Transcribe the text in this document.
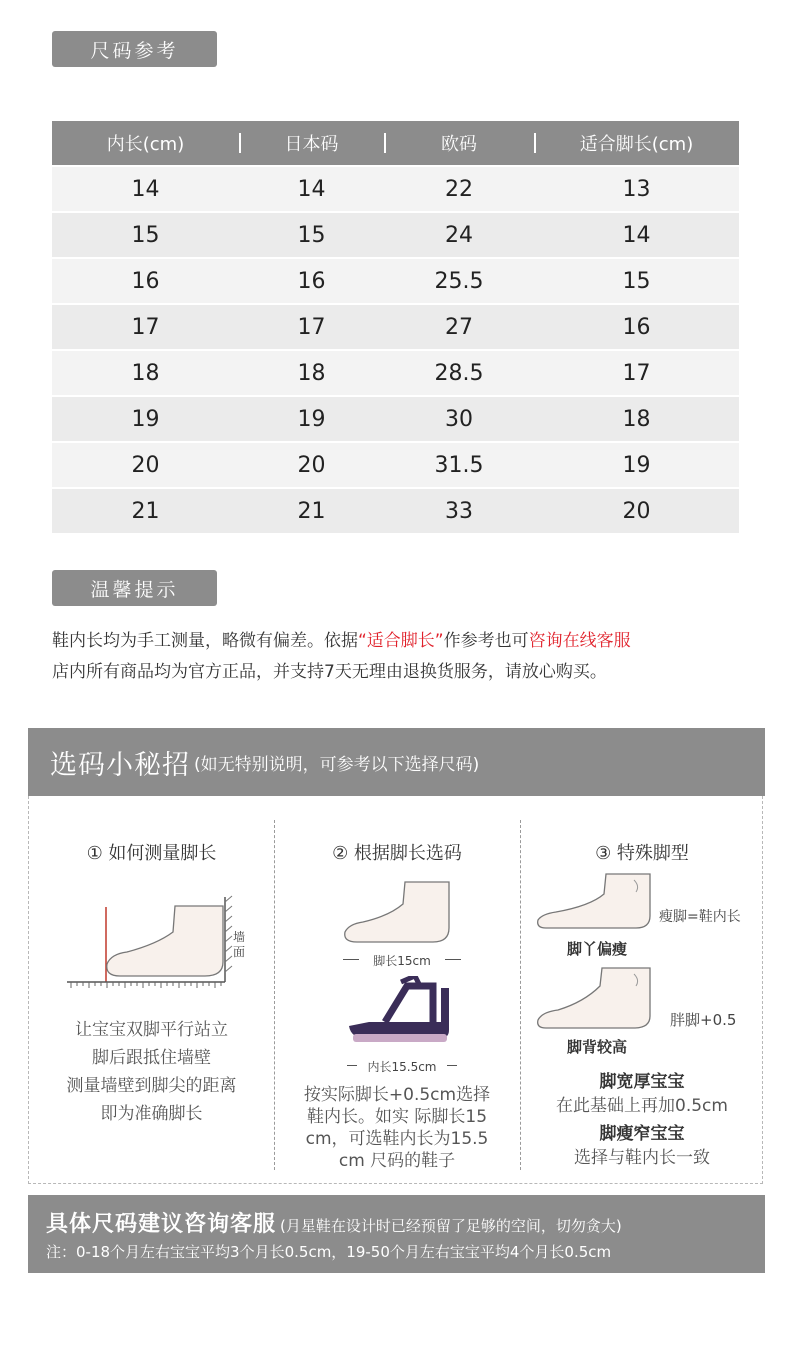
尺码参考
内长(cm)	日本码	欧码	适合脚长(cm)
14	14	22	13
15	15	24	14
16	16	25.5	15
17	17	27	16
18	18	28.5	17
19	19	30	18
20	20	31.5	19
21	21	33	20
温馨提示
鞋内长均为手工测量，略微有偏差。依据“适合脚长”作参考也可咨询在线客服
店内所有商品均为官方正品，并支持7天无理由退换货服务，请放心购买。
选码小秘招 (如无特别说明，可参考以下选择尺码)
① 如何测量脚长
墙面
让宝宝双脚平行站立
脚后跟抵住墙壁
测量墙壁到脚尖的距离
即为准确脚长
② 根据脚长选码
脚长15cm
内长15.5cm
按实际脚长+0.5cm选择
鞋内长。如实 际脚长15
cm，可选鞋内长为15.5
cm 尺码的鞋子
③ 特殊脚型
瘦脚=鞋内长
脚丫偏瘦
胖脚+0.5
脚背较高
脚宽厚宝宝
在此基础上再加0.5cm
脚瘦窄宝宝
选择与鞋内长一致
具体尺码建议咨询客服 (月星鞋在设计时已经预留了足够的空间，切勿贪大)
注：0-18个月左右宝宝平均3个月长0.5cm，19-50个月左右宝宝平均4个月长0.5cm
